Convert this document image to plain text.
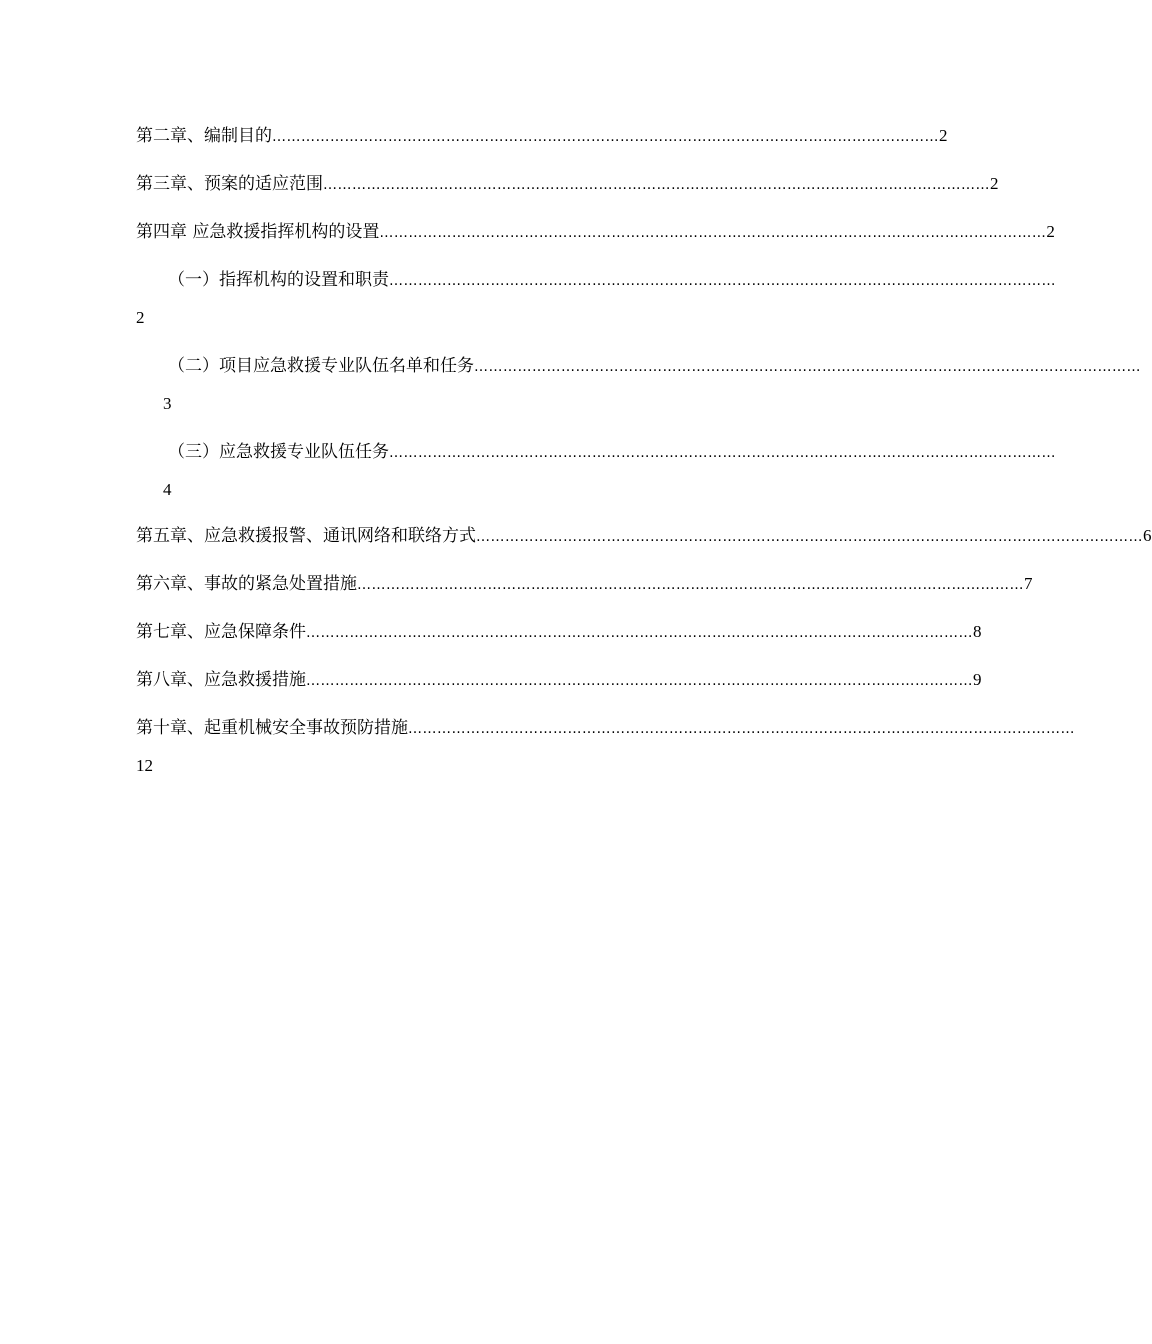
第二章、编制目的 ………………………………………………………………………………………………………………………… 2
第三章、预案的适应范围 ………………………………………………………………………………………………………………………… 2
第四章 应急救援指挥机构的设置 ………………………………………………………………………………………………………………………… 2
（一）指挥机构的设置和职责 …………………………………………………………………………………………………………………………
2
（二）项目应急救援专业队伍名单和任务 …………………………………………………………………………………………………………………………
3
（三）应急救援专业队伍任务 …………………………………………………………………………………………………………………………
4
第五章、应急救援报警、通讯网络和联络方式 ………………………………………………………………………………………………………………………… 6
第六章、事故的紧急处置措施 ………………………………………………………………………………………………………………………… 7
第七章、应急保障条件 ………………………………………………………………………………………………………………………… 8
第八章、应急救援措施 ………………………………………………………………………………………………………………………… 9
第十章、起重机械安全事故预防措施 …………………………………………………………………………………………………………………………
12
